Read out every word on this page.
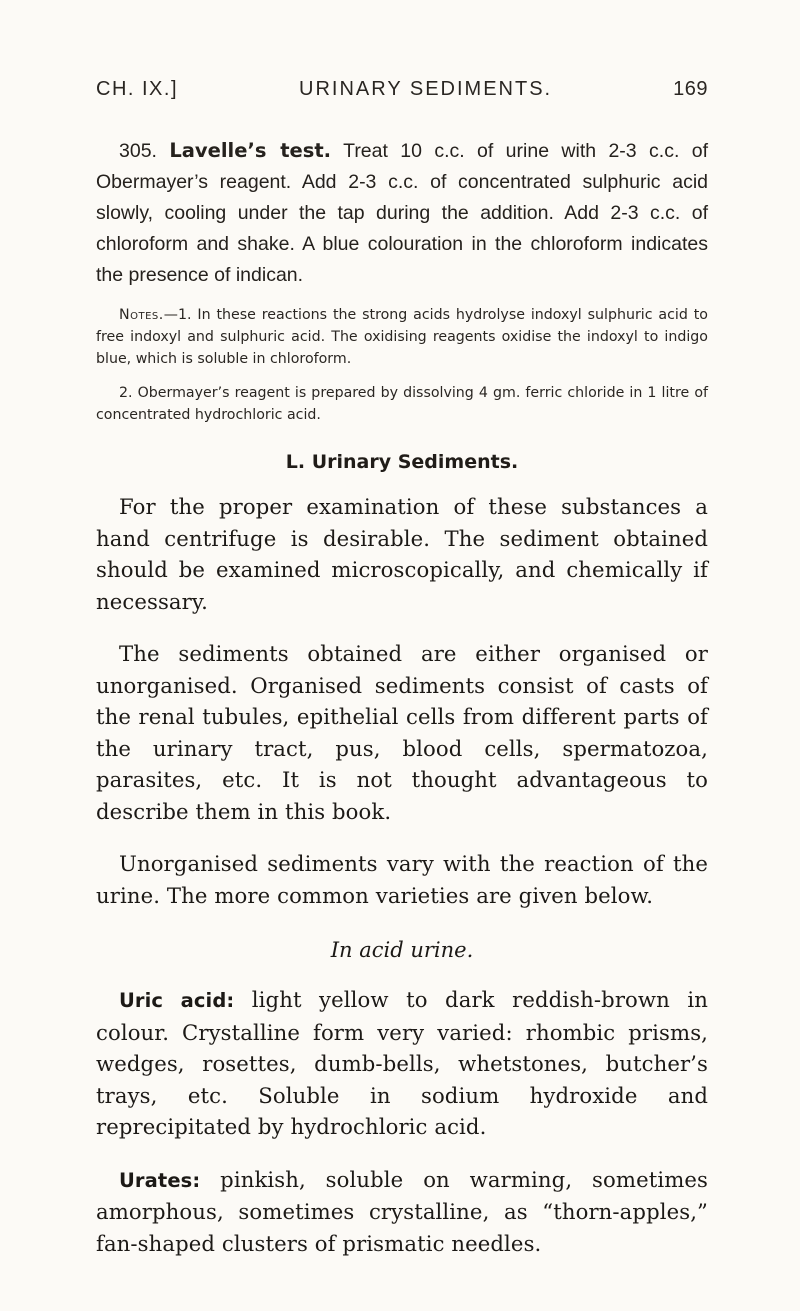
CH. IX.]	URINARY SEDIMENTS.	169

305. Lavelle’s test. Treat 10 c.c. of urine with 2-3 c.c. of Obermayer’s reagent. Add 2-3 c.c. of concentrated sulphuric acid slowly, cooling under the tap during the addition. Add 2-3 c.c. of chloroform and shake. A blue colouration in the chloroform indicates the presence of indican.

Notes.—1. In these reactions the strong acids hydrolyse indoxyl sulphuric acid to free indoxyl and sulphuric acid. The oxidising reagents oxidise the indoxyl to indigo blue, which is soluble in chloroform.

2. Obermayer’s reagent is prepared by dissolving 4 gm. ferric chloride in 1 litre of concentrated hydrochloric acid.

L. Urinary Sediments.

For the proper examination of these substances a hand centrifuge is desirable. The sediment obtained should be examined microscopically, and chemically if necessary.

The sediments obtained are either organised or unorganised. Organised sediments consist of casts of the renal tubules, epithelial cells from different parts of the urinary tract, pus, blood cells, spermatozoa, parasites, etc. It is not thought advantageous to describe them in this book.

Unorganised sediments vary with the reaction of the urine. The more common varieties are given below.

In acid urine.

Uric acid: light yellow to dark reddish-brown in colour. Crystalline form very varied: rhombic prisms, wedges, rosettes, dumb-bells, whetstones, butcher’s trays, etc. Soluble in sodium hydroxide and reprecipitated by hydrochloric acid.

Urates: pinkish, soluble on warming, sometimes amorphous, sometimes crystalline, as “thorn-apples,” fan-shaped clusters of prismatic needles.
